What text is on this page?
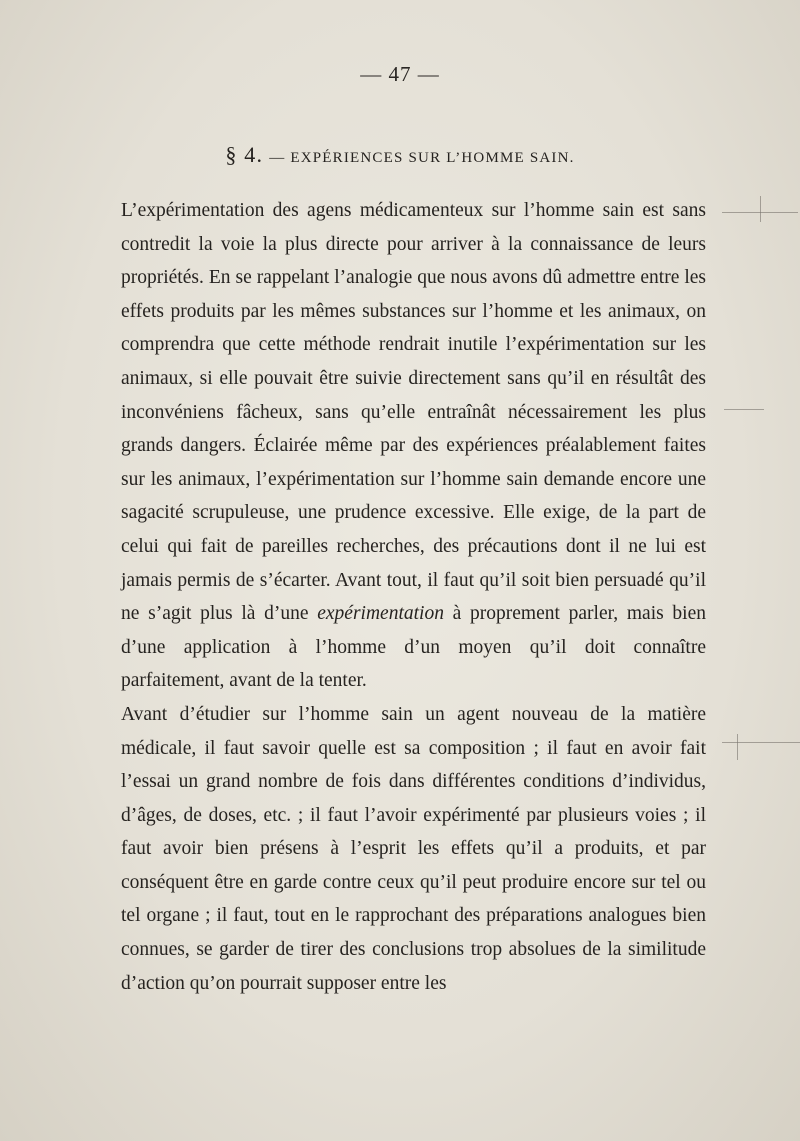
— 47 —
§ 4. — EXPÉRIENCES SUR L’HOMME SAIN.

L’expérimentation des agens médicamenteux sur l’homme sain est sans contredit la voie la plus directe pour arriver à la connaissance de leurs propriétés. En se rappelant l’analogie que nous avons dû admettre entre les effets produits par les mêmes substances sur l’homme et les animaux, on comprendra que cette méthode rendrait inutile l’expérimentation sur les animaux, si elle pouvait être suivie directement sans qu’il en résultât des inconvéniens fâcheux, sans qu’elle entraînât nécessairement les plus grands dangers. Éclairée même par des expériences préalablement faites sur les animaux, l’expérimentation sur l’homme sain demande encore une sagacité scrupuleuse, une prudence excessive. Elle exige, de la part de celui qui fait de pareilles recherches, des précautions dont il ne lui est jamais permis de s’écarter. Avant tout, il faut qu’il soit bien persuadé qu’il ne s’agit plus là d’une expérimentation à proprement parler, mais bien d’une application à l’homme d’un moyen qu’il doit connaître parfaitement, avant de la tenter.

Avant d’étudier sur l’homme sain un agent nouveau de la matière médicale, il faut savoir quelle est sa composition ; il faut en avoir fait l’essai un grand nombre de fois dans différentes conditions d’individus, d’âges, de doses, etc. ; il faut l’avoir expérimenté par plusieurs voies ; il faut avoir bien présens à l’esprit les effets qu’il a produits, et par conséquent être en garde contre ceux qu’il peut produire encore sur tel ou tel organe ; il faut, tout en le rapprochant des préparations analogues bien connues, se garder de tirer des conclusions trop absolues de la similitude d’action qu’on pourrait supposer entre les
